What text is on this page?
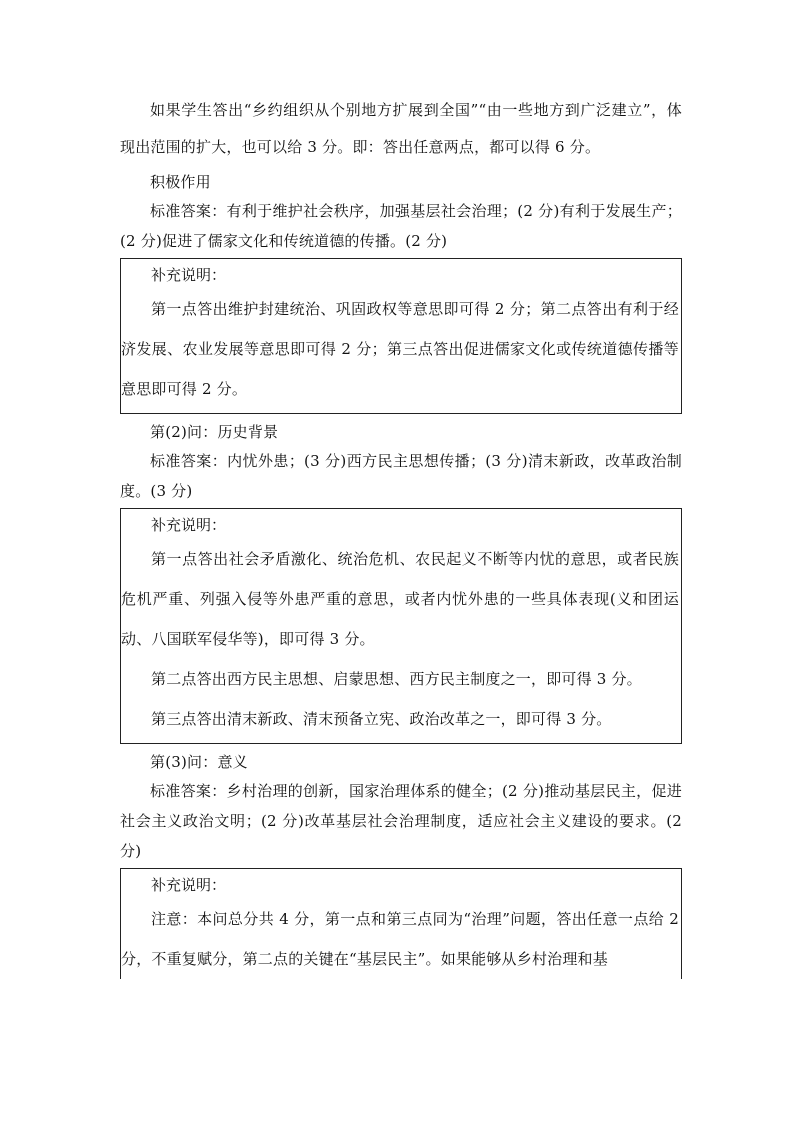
如果学生答出“乡约组织从个别地方扩展到全国”“由一些地方到广泛建立”，体现出范围的扩大，也可以给 3 分。即：答出任意两点，都可以得 6 分。

积极作用

标准答案：有利于维护社会秩序，加强基层社会治理；(2 分)有利于发展生产；(2 分)促进了儒家文化和传统道德的传播。(2 分)

补充说明：

第一点答出维护封建统治、巩固政权等意思即可得 2 分；第二点答出有利于经济发展、农业发展等意思即可得 2 分；第三点答出促进儒家文化或传统道德传播等意思即可得 2 分。

第(2)问：历史背景

标准答案：内忧外患；(3 分)西方民主思想传播；(3 分)清末新政，改革政治制度。(3 分)

补充说明：

第一点答出社会矛盾激化、统治危机、农民起义不断等内忧的意思，或者民族危机严重、列强入侵等外患严重的意思，或者内忧外患的一些具体表现(义和团运动、八国联军侵华等)，即可得 3 分。

第二点答出西方民主思想、启蒙思想、西方民主制度之一，即可得 3 分。

第三点答出清末新政、清末预备立宪、政治改革之一，即可得 3 分。

第(3)问：意义

标准答案：乡村治理的创新，国家治理体系的健全；(2 分)推动基层民主，促进社会主义政治文明；(2 分)改革基层社会治理制度，适应社会主义建设的要求。(2 分)

补充说明：

注意：本问总分共 4 分，第一点和第三点同为“治理”问题，答出任意一点给 2 分，不重复赋分，第二点的关键在“基层民主”。如果能够从乡村治理和基
